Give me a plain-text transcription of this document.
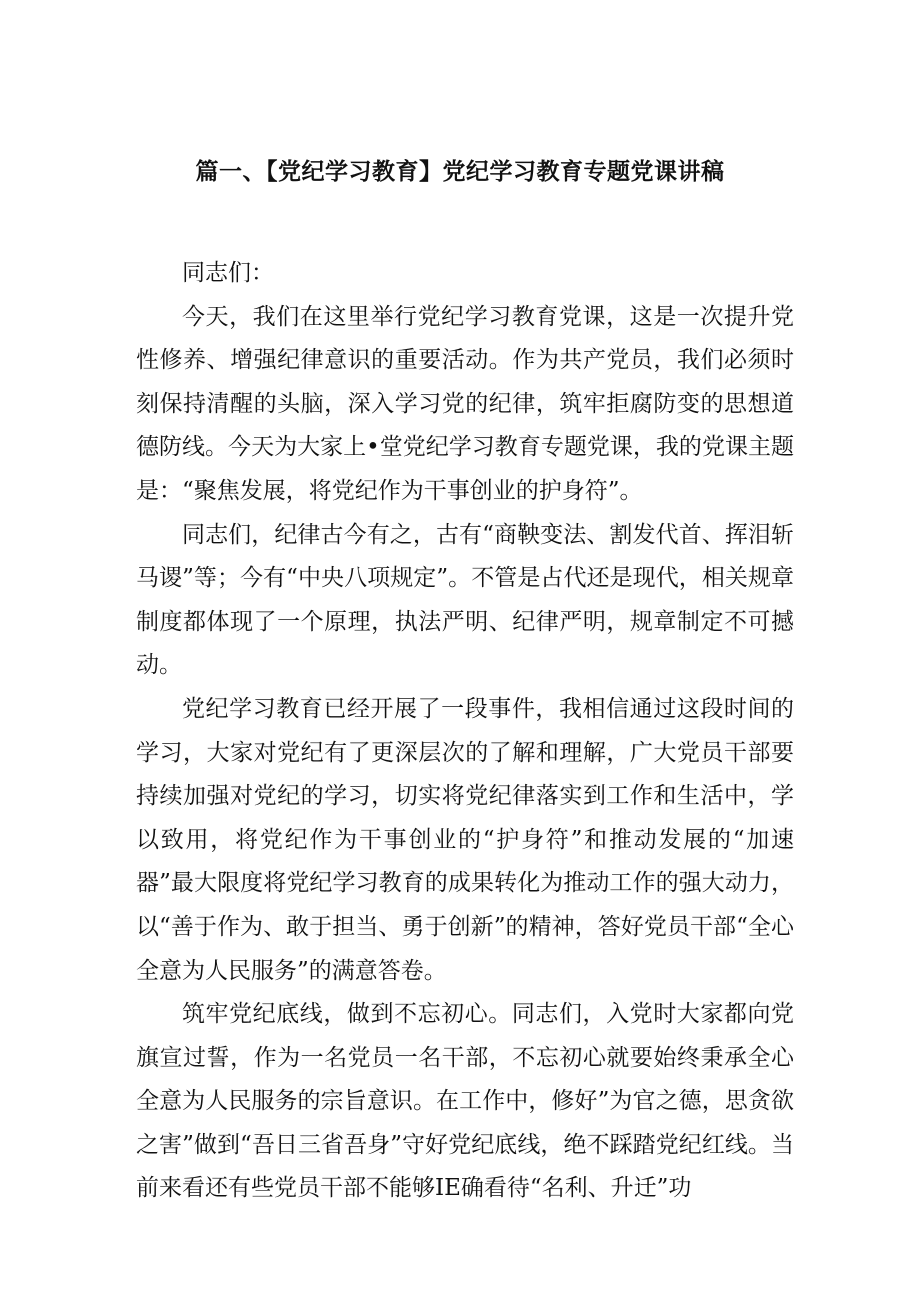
篇一、【党纪学习教育】党纪学习教育专题党课讲稿

同志们：

今天，我们在这里举行党纪学习教育党课，这是一次提升党性修养、增强纪律意识的重要活动。作为共产党员，我们必须时刻保持清醒的头脑，深入学习党的纪律，筑牢拒腐防变的思想道德防线。今天为大家上•堂党纪学习教育专题党课，我的党课主题是：“聚焦发展，将党纪作为干事创业的护身符”。

同志们，纪律古今有之，古有“商鞅变法、割发代首、挥泪斩马谡”等；今有“中央八项规定”。不管是占代还是现代，相关规章制度都体现了一个原理，执法严明、纪律严明，规章制定不可撼动。

党纪学习教育已经开展了一段事件，我相信通过这段时间的学习，大家对党纪有了更深层次的了解和理解，广大党员干部要持续加强对党纪的学习，切实将党纪律落实到工作和生活中，学以致用，将党纪作为干事创业的“护身符”和推动发展的“加速器”最大限度将党纪学习教育的成果转化为推动工作的强大动力，以“善于作为、敢于担当、勇于创新”的精神，答好党员干部“全心全意为人民服务”的满意答卷。

筑牢党纪底线，做到不忘初心。同志们，入党时大家都向党旗宣过誓，作为一名党员一名干部，不忘初心就要始终秉承全心全意为人民服务的宗旨意识。在工作中，修好”为官之德，思贪欲之害”做到“吾日三省吾身”守好党纪底线，绝不踩踏党纪红线。当前来看还有些党员干部不能够IE确看待“名利、升迁”功
